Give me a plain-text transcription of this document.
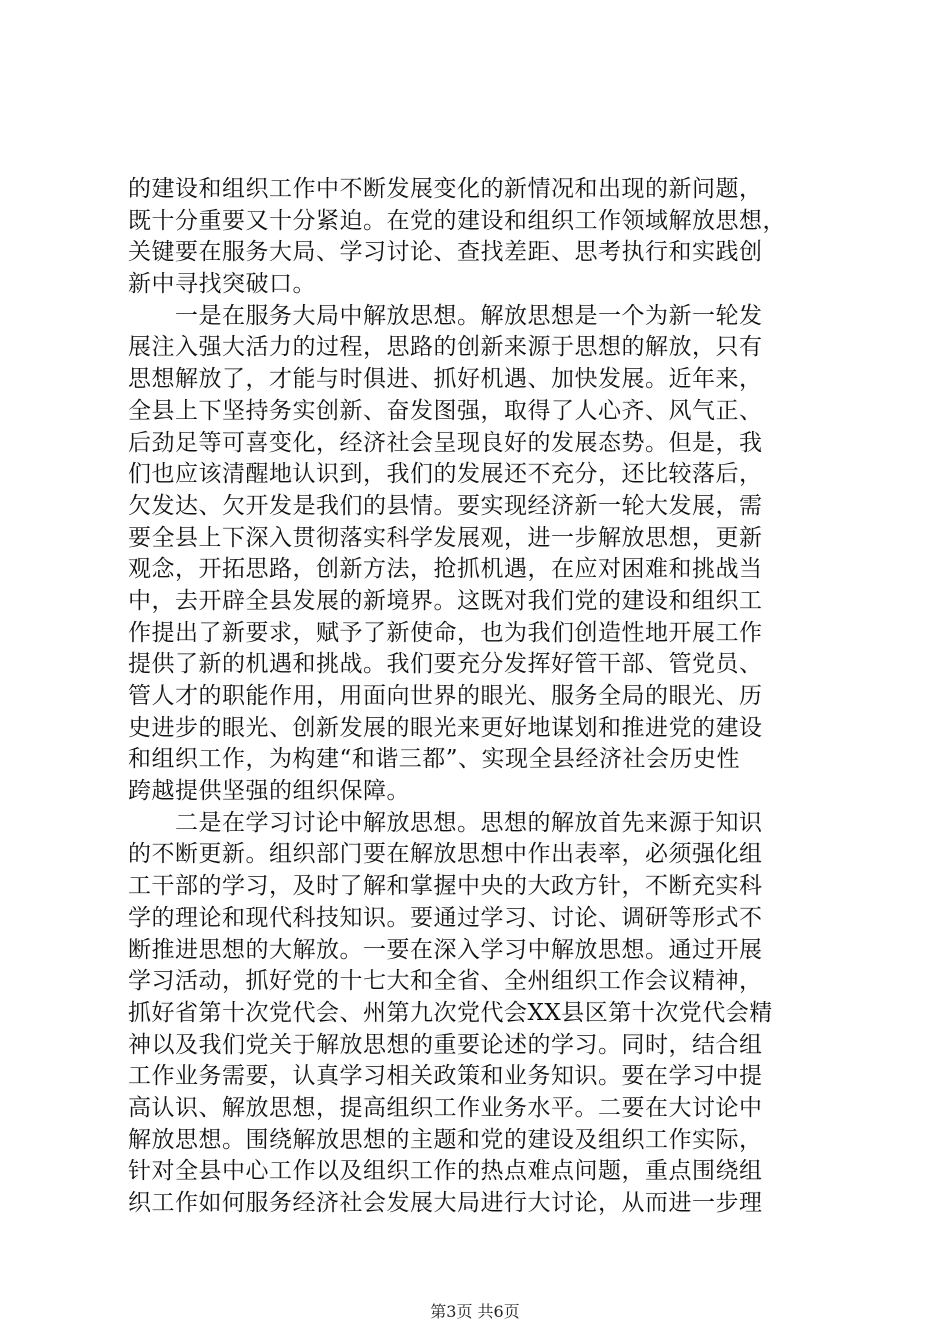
的建设和组织工作中不断发展变化的新情况和出现的新问题，
既十分重要又十分紧迫。在党的建设和组织工作领域解放思想，
关键要在服务大局、学习讨论、查找差距、思考执行和实践创
新中寻找突破口。
一是在服务大局中解放思想。解放思想是一个为新一轮发
展注入强大活力的过程，思路的创新来源于思想的解放，只有
思想解放了，才能与时俱进、抓好机遇、加快发展。近年来，
全县上下坚持务实创新、奋发图强，取得了人心齐、风气正、
后劲足等可喜变化，经济社会呈现良好的发展态势。但是，我
们也应该清醒地认识到，我们的发展还不充分，还比较落后，
欠发达、欠开发是我们的县情。要实现经济新一轮大发展，需
要全县上下深入贯彻落实科学发展观，进一步解放思想，更新
观念，开拓思路，创新方法，抢抓机遇，在应对困难和挑战当
中，去开辟全县发展的新境界。这既对我们党的建设和组织工
作提出了新要求，赋予了新使命，也为我们创造性地开展工作
提供了新的机遇和挑战。我们要充分发挥好管干部、管党员、
管人才的职能作用，用面向世界的眼光、服务全局的眼光、历
史进步的眼光、创新发展的眼光来更好地谋划和推进党的建设
和组织工作，为构建“和谐三都”、实现全县经济社会历史性
跨越提供坚强的组织保障。
二是在学习讨论中解放思想。思想的解放首先来源于知识
的不断更新。组织部门要在解放思想中作出表率，必须强化组
工干部的学习，及时了解和掌握中央的大政方针，不断充实科
学的理论和现代科技知识。要通过学习、讨论、调研等形式不
断推进思想的大解放。一要在深入学习中解放思想。通过开展
学习活动，抓好党的十七大和全省、全州组织工作会议精神，
抓好省第十次党代会、州第九次党代会XX县区第十次党代会精
神以及我们党关于解放思想的重要论述的学习。同时，结合组
工作业务需要，认真学习相关政策和业务知识。要在学习中提
高认识、解放思想，提高组织工作业务水平。二要在大讨论中
解放思想。围绕解放思想的主题和党的建设及组织工作实际，
针对全县中心工作以及组织工作的热点难点问题，重点围绕组
织工作如何服务经济社会发展大局进行大讨论，从而进一步理
第3页 共6页
